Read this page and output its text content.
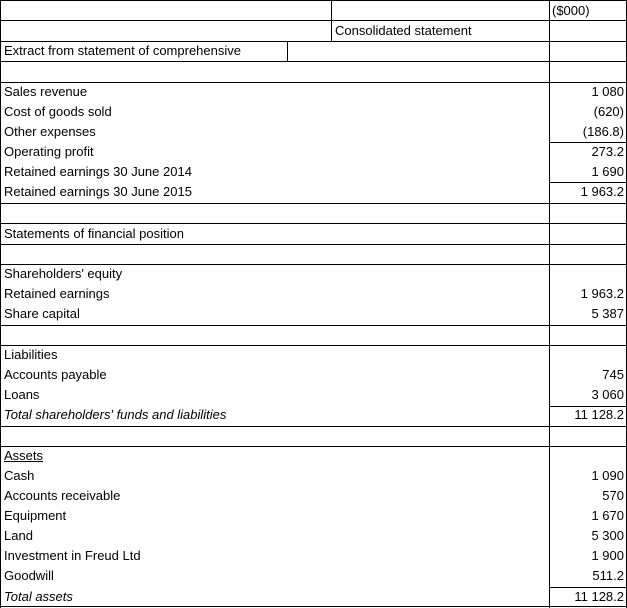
($000)
Consolidated statement
Extract from statement of comprehensive
Sales revenue	1 080
Cost of goods sold	(620)
Other expenses	(186.8)
Operating profit	273.2
Retained earnings 30 June 2014	1 690
Retained earnings 30 June 2015	1 963.2
Statements of financial position
Shareholders' equity
Retained earnings	1 963.2
Share capital	5 387
Liabilities
Accounts payable	745
Loans	3 060
Total shareholders' funds and liabilities	11 128.2
Assets
Cash	1 090
Accounts receivable	570
Equipment	1 670
Land	5 300
Investment in Freud Ltd	1 900
Goodwill	511.2
Total assets	11 128.2
